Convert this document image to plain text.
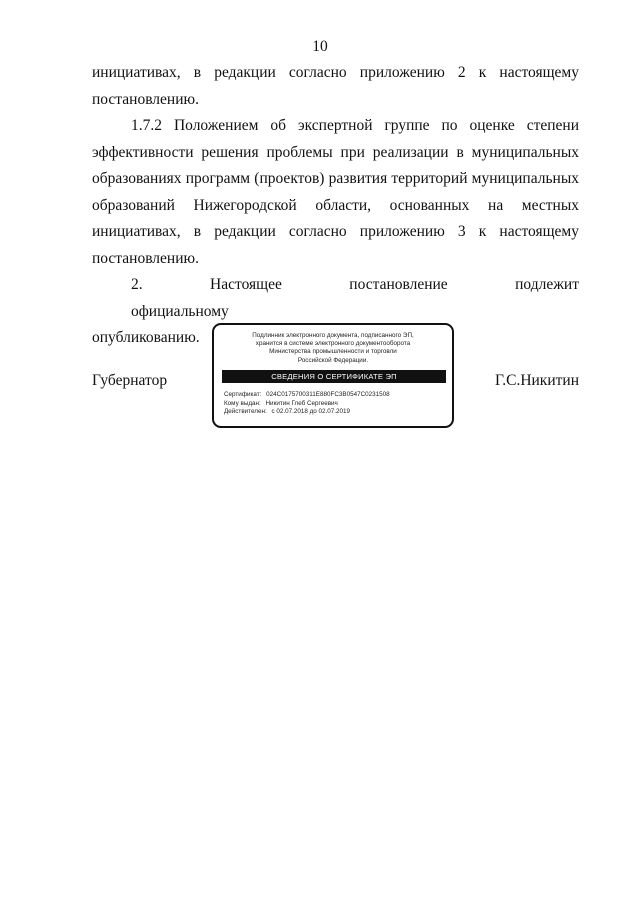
10

инициативах, в редакции согласно приложению 2 к настоящему
постановлению.

1.7.2 Положением об экспертной группе по оценке степени
эффективности решения проблемы при реализации в муниципальных
образованиях программ (проектов) развития территорий муниципальных
образований Нижегородской области, основанных на местных
инициативах, в редакции согласно приложению 3 к настоящему
постановлению.

2. Настоящее постановление подлежит официальному
опубликованию.

Губернатор	Г.С.Никитин
Подлинник электронного документа, подписанного ЭП,
хранится в системе электронного документооборота
Министерства промышленности и торговли
Российской Федерации.
СВЕДЕНИЯ О СЕРТИФИКАТЕ ЭП
Сертификат: 024C0175700311E880FC3B0547C0231508
Кому выдан: Никитин Глеб Сергеевич
Действителен: с 02.07.2018 до 02.07.2019
